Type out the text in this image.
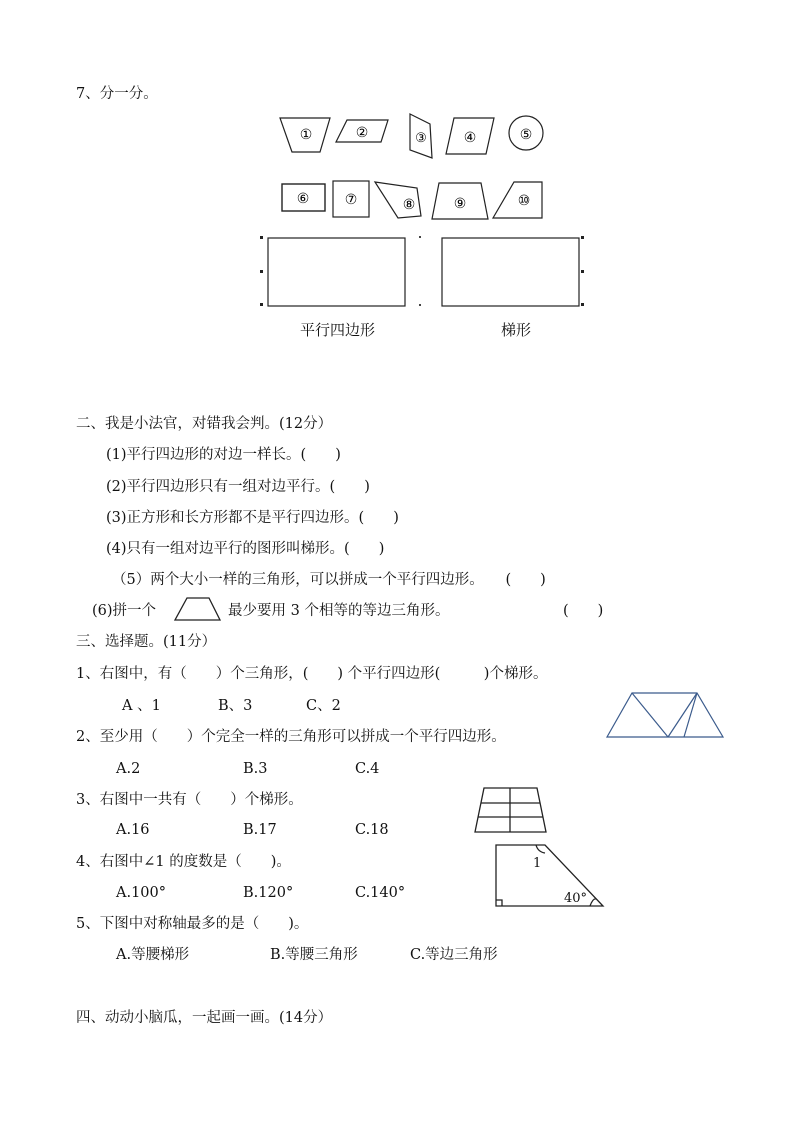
7、分一分。
①	②	③	④	⑤
⑥	⑦	⑧	⑨	⑩
平行四边形	梯形
二、我是小法官，对错我会判。(12分）
(1)平行四边形的对边一样长。(　　)
(2)平行四边形只有一组对边平行。(　　)
(3)正方形和长方形都不是平行四边形。(　　)
(4)只有一组对边平行的图形叫梯形。(　　)
（5）两个大小一样的三角形，可以拼成一个平行四边形。　　(　　)
(6)拼一个	最少要用 3 个相等的等边三角形。	(　　)
三、选择题。(11分）
1、右图中，有（　　）个三角形，(　　) 个平行四边形(　　　)个梯形。
A 、1	B、3	C、2
2、至少用（　　）个完全一样的三角形可以拼成一个平行四边形。
A.2	B.3	C.4
3、右图中一共有（　　）个梯形。
A.16	B.17	C.18
4、右图中∠1 的度数是（　　)。
A.100°	B.120°	C.140°
5、下图中对称轴最多的是（　　)。
A.等腰梯形	B.等腰三角形	C.等边三角形
1
40°
四、动动小脑瓜，一起画一画。(14分）
